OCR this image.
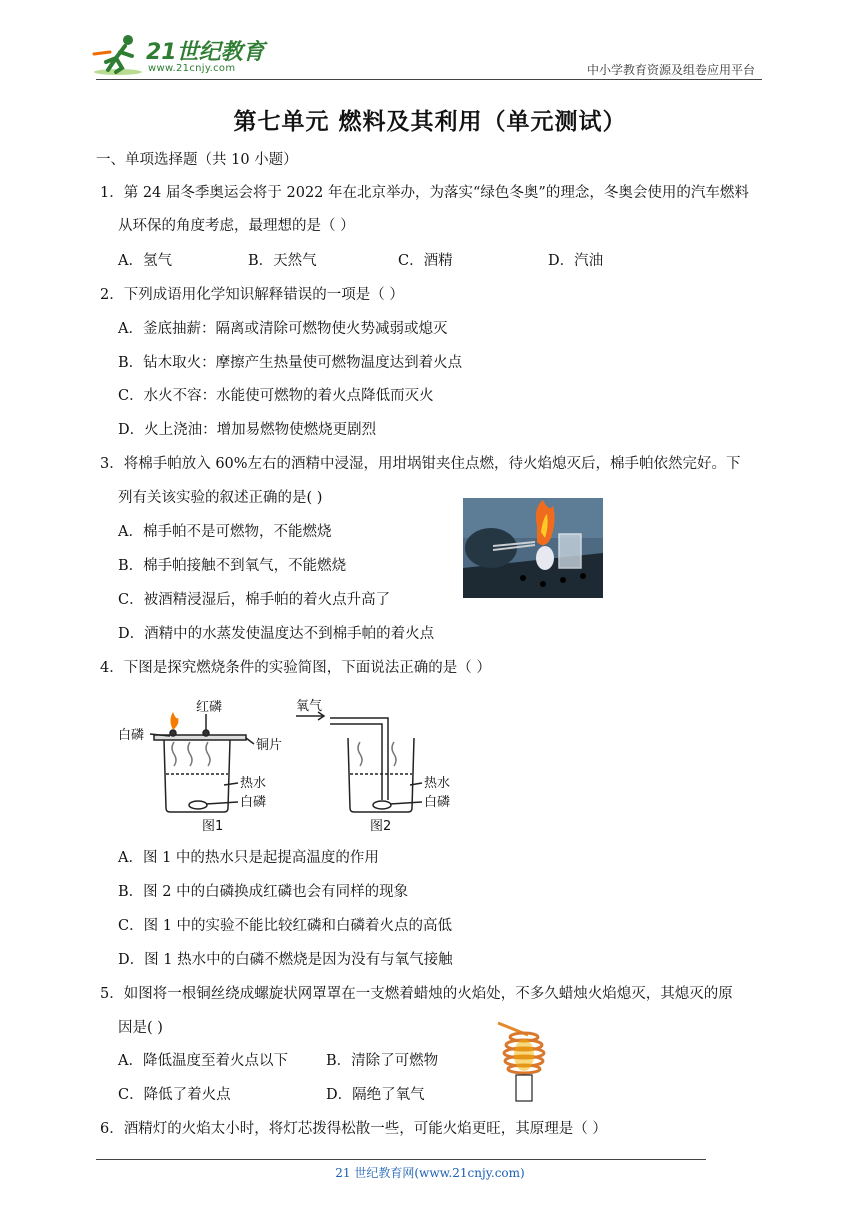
21世纪教育
www.21cnjy.com	中小学教育资源及组卷应用平台
第七单元 燃料及其利用（单元测试）
一、单项选择题（共 10 小题）
1．第 24 届冬季奥运会将于 2022 年在北京举办，为落实“绿色冬奥”的理念，冬奥会使用的汽车燃料
从环保的角度考虑，最理想的是（ ）
A．氢气	B．天然气	C．酒精	D．汽油
2．下列成语用化学知识解释错误的一项是（ ）
A．釜底抽薪：隔离或清除可燃物使火势减弱或熄灭
B．钻木取火：摩擦产生热量使可燃物温度达到着火点
C．水火不容：水能使可燃物的着火点降低而灭火
D．火上浇油：增加易燃物使燃烧更剧烈
3．将棉手帕放入 60%左右的酒精中浸湿，用坩埚钳夹住点燃，待火焰熄灭后，棉手帕依然完好。下
列有关该实验的叙述正确的是( )
A．棉手帕不是可燃物，不能燃烧
B．棉手帕接触不到氧气，不能燃烧
C．被酒精浸湿后，棉手帕的着火点升高了
D．酒精中的水蒸发使温度达不到棉手帕的着火点
4．下图是探究燃烧条件的实验简图，下面说法正确的是（ ）
白磷
红磷
铜片
热水
白磷
图1
氧气
热水
白磷
图2
A．图 1 中的热水只是起提高温度的作用
B．图 2 中的白磷换成红磷也会有同样的现象
C．图 1 中的实验不能比较红磷和白磷着火点的高低
D．图 1 热水中的白磷不燃烧是因为没有与氧气接触
5．如图将一根铜丝绕成螺旋状网罩罩在一支燃着蜡烛的火焰处，不多久蜡烛火焰熄灭，其熄灭的原
因是( )
A．降低温度至着火点以下	B．清除了可燃物
C．降低了着火点	D．隔绝了氧气
6．酒精灯的火焰太小时，将灯芯拨得松散一些，可能火焰更旺，其原理是（ ）
21 世纪教育网(www.21cnjy.com)
